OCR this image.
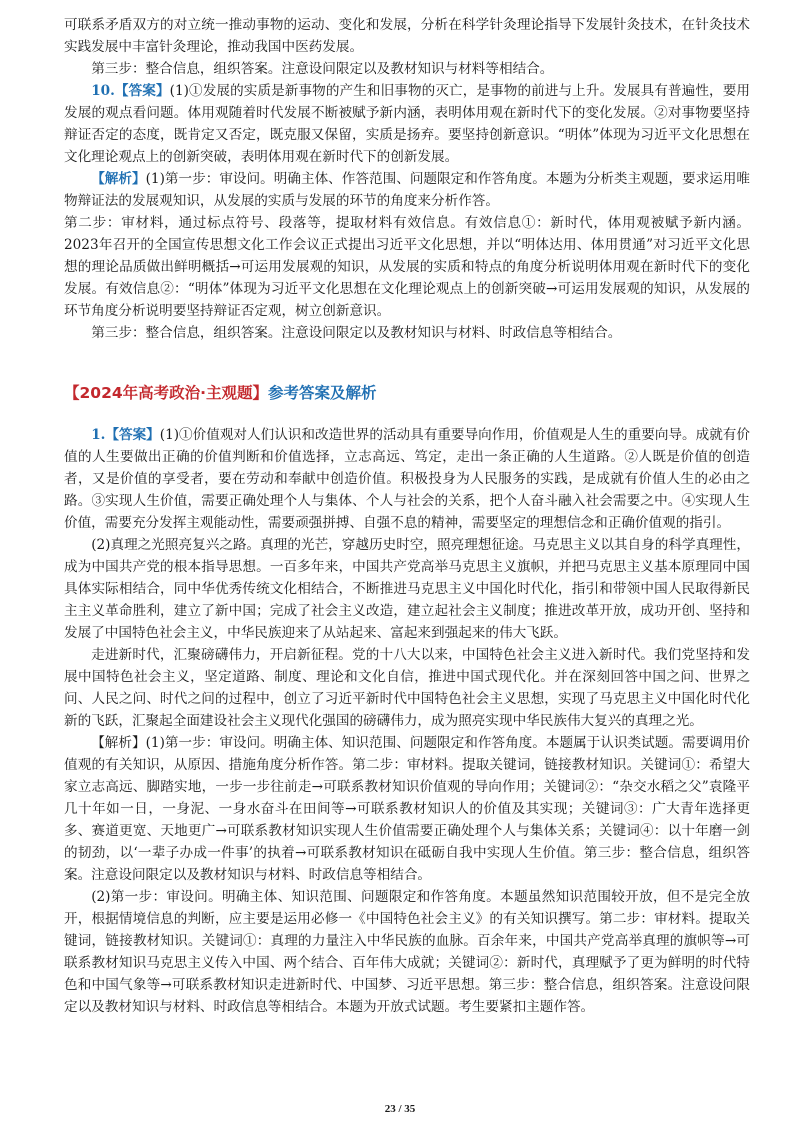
可联系矛盾双方的对立统一推动事物的运动、变化和发展，分析在科学针灸理论指导下发展针灸技术，在针灸技术实践发展中丰富针灸理论，推动我国中医药发展。

第三步：整合信息，组织答案。注意设问限定以及教材知识与材料等相结合。

10.【答案】(1)①发展的实质是新事物的产生和旧事物的灭亡，是事物的前进与上升。发展具有普遍性，要用发展的观点看问题。体用观随着时代发展不断被赋予新内涵，表明体用观在新时代下的变化发展。②对事物要坚持辩证否定的态度，既肯定又否定，既克服又保留，实质是扬弃。要坚持创新意识。“明体”体现为习近平文化思想在文化理论观点上的创新突破，表明体用观在新时代下的创新发展。

【解析】(1)第一步：审设问。明确主体、作答范围、问题限定和作答角度。本题为分析类主观题，要求运用唯物辩证法的发展观知识，从发展的实质与发展的环节的角度来分析作答。

第二步：审材料，通过标点符号、段落等，提取材料有效信息。有效信息①：新时代，体用观被赋予新内涵。2023年召开的全国宣传思想文化工作会议正式提出习近平文化思想，并以“明体达用、体用贯通”对习近平文化思想的理论品质做出鲜明概括→可运用发展观的知识，从发展的实质和特点的角度分析说明体用观在新时代下的变化发展。有效信息②：“明体”体现为习近平文化思想在文化理论观点上的创新突破→可运用发展观的知识，从发展的环节角度分析说明要坚持辩证否定观，树立创新意识。

第三步：整合信息，组织答案。注意设问限定以及教材知识与材料、时政信息等相结合。

【2024年高考政治·主观题】参考答案及解析

1.【答案】(1)①价值观对人们认识和改造世界的活动具有重要导向作用，价值观是人生的重要向导。成就有价值的人生要做出正确的价值判断和价值选择，立志高远、笃定，走出一条正确的人生道路。②人既是价值的创造者，又是价值的享受者，要在劳动和奉献中创造价值。积极投身为人民服务的实践，是成就有价值人生的必由之路。③实现人生价值，需要正确处理个人与集体、个人与社会的关系，把个人奋斗融入社会需要之中。④实现人生价值，需要充分发挥主观能动性，需要顽强拼搏、自强不息的精神，需要坚定的理想信念和正确价值观的指引。

(2)真理之光照亮复兴之路。真理的光芒，穿越历史时空，照亮理想征途。马克思主义以其自身的科学真理性，成为中国共产党的根本指导思想。一百多年来，中国共产党高举马克思主义旗帜，并把马克思主义基本原理同中国具体实际相结合，同中华优秀传统文化相结合，不断推进马克思主义中国化时代化，指引和带领中国人民取得新民主主义革命胜利，建立了新中国；完成了社会主义改造，建立起社会主义制度；推进改革开放，成功开创、坚持和发展了中国特色社会主义，中华民族迎来了从站起来、富起来到强起来的伟大飞跃。

走进新时代，汇聚磅礴伟力，开启新征程。党的十八大以来，中国特色社会主义进入新时代。我们党坚持和发展中国特色社会主义，坚定道路、制度、理论和文化自信，推进中国式现代化。并在深刻回答中国之问、世界之问、人民之问、时代之问的过程中，创立了习近平新时代中国特色社会主义思想，实现了马克思主义中国化时代化新的飞跃，汇聚起全面建设社会主义现代化强国的磅礴伟力，成为照亮实现中华民族伟大复兴的真理之光。

【解析】(1)第一步：审设问。明确主体、知识范围、问题限定和作答角度。本题属于认识类试题。需要调用价值观的有关知识，从原因、措施角度分析作答。第二步：审材料。提取关键词，链接教材知识。关键词①：希望大家立志高远、脚踏实地，一步一步往前走→可联系教材知识价值观的导向作用；关键词②：“杂交水稻之父”袁隆平几十年如一日，一身泥、一身水奋斗在田间等→可联系教材知识人的价值及其实现；关键词③：广大青年选择更多、赛道更宽、天地更广→可联系教材知识实现人生价值需要正确处理个人与集体关系；关键词④：以十年磨一剑的韧劲，以‘一辈子办成一件事’的执着→可联系教材知识在砥砺自我中实现人生价值。第三步：整合信息，组织答案。注意设问限定以及教材知识与材料、时政信息等相结合。

(2)第一步：审设问。明确主体、知识范围、问题限定和作答角度。本题虽然知识范围较开放，但不是完全放开，根据情境信息的判断，应主要是运用必修一《中国特色社会主义》的有关知识撰写。第二步：审材料。提取关键词，链接教材知识。关键词①：真理的力量注入中华民族的血脉。百余年来，中国共产党高举真理的旗帜等→可联系教材知识马克思主义传入中国、两个结合、百年伟大成就；关键词②：新时代，真理赋予了更为鲜明的时代特色和中国气象等→可联系教材知识走进新时代、中国梦、习近平思想。第三步：整合信息，组织答案。注意设问限定以及教材知识与材料、时政信息等相结合。本题为开放式试题。考生要紧扣主题作答。

23 / 35
